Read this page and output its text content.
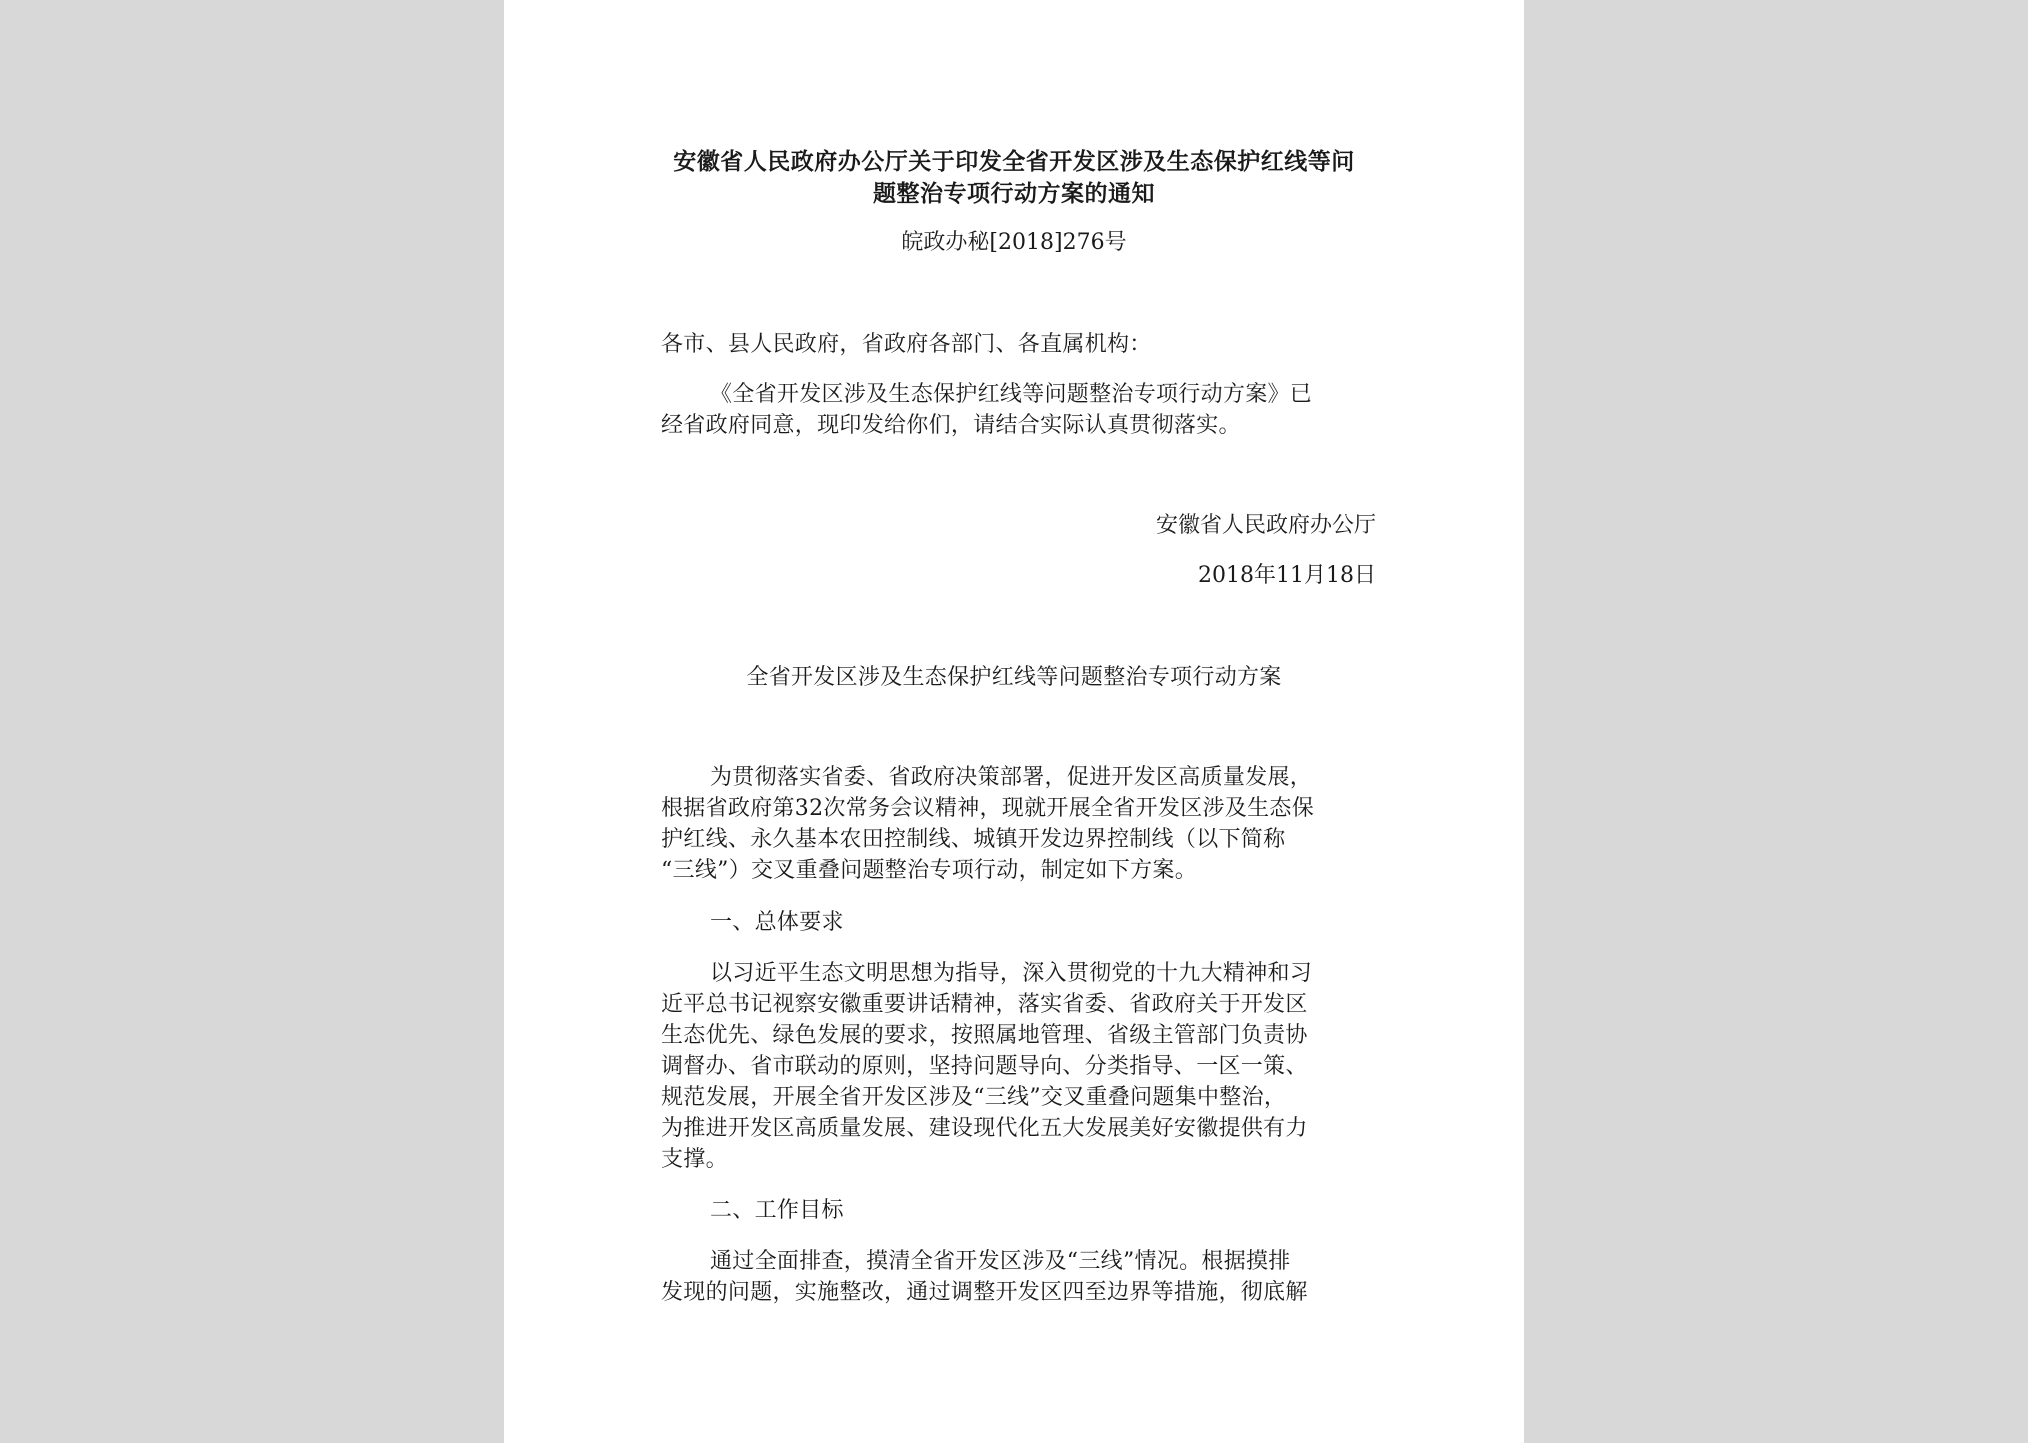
安徽省人民政府办公厅关于印发全省开发区涉及生态保护红线等问
题整治专项行动方案的通知
皖政办秘[2018]276号
各市、县人民政府，省政府各部门、各直属机构：
《全省开发区涉及生态保护红线等问题整治专项行动方案》已
经省政府同意，现印发给你们，请结合实际认真贯彻落实。
安徽省人民政府办公厅
2018年11月18日
全省开发区涉及生态保护红线等问题整治专项行动方案
为贯彻落实省委、省政府决策部署，促进开发区高质量发展，
根据省政府第32次常务会议精神，现就开展全省开发区涉及生态保
护红线、永久基本农田控制线、城镇开发边界控制线（以下简称
“三线”）交叉重叠问题整治专项行动，制定如下方案。
一、总体要求
以习近平生态文明思想为指导，深入贯彻党的十九大精神和习
近平总书记视察安徽重要讲话精神，落实省委、省政府关于开发区
生态优先、绿色发展的要求，按照属地管理、省级主管部门负责协
调督办、省市联动的原则，坚持问题导向、分类指导、一区一策、
规范发展，开展全省开发区涉及“三线”交叉重叠问题集中整治，
为推进开发区高质量发展、建设现代化五大发展美好安徽提供有力
支撑。
二、工作目标
通过全面排查，摸清全省开发区涉及“三线”情况。根据摸排
发现的问题，实施整改，通过调整开发区四至边界等措施，彻底解
